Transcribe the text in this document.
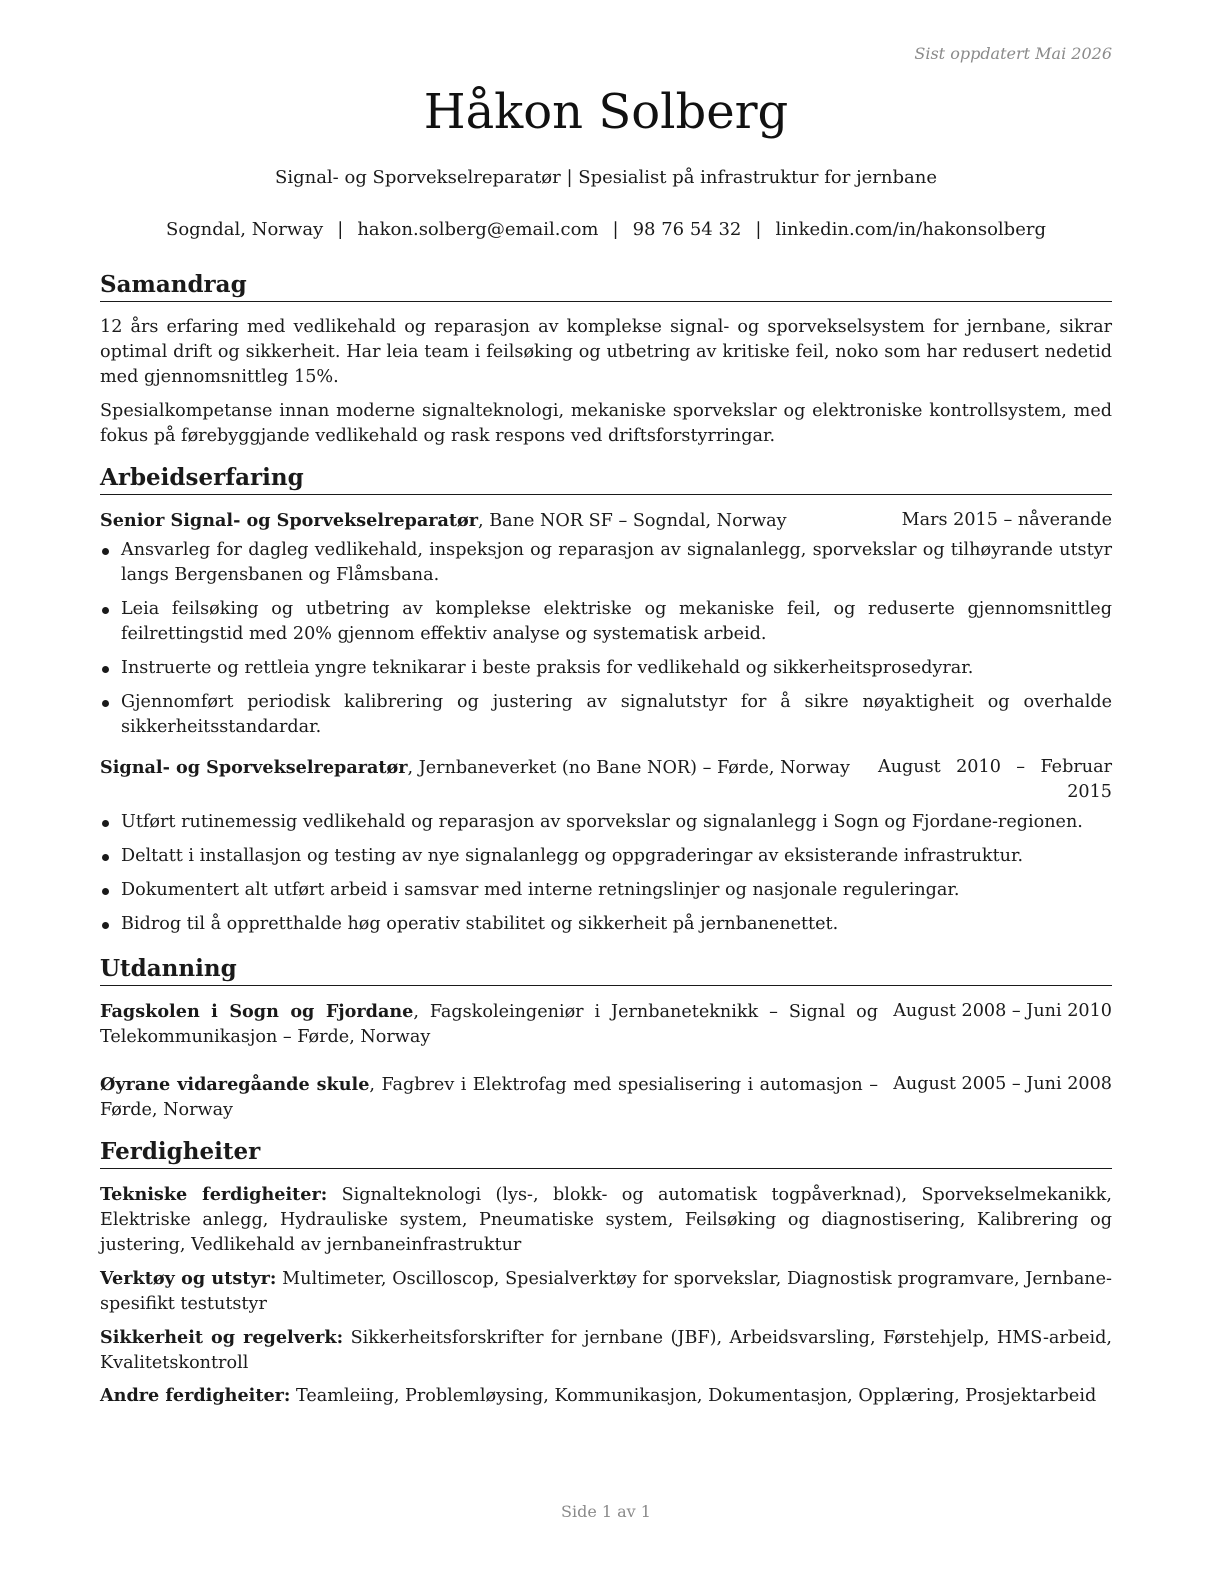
Sist oppdatert Mai 2026
Håkon Solberg
Signal- og Sporvekselreparatør | Spesialist på infrastruktur for jernbane
Sogndal, Norway | hakon.solberg@email.com | 98 76 54 32 | linkedin.com/in/hakonsolberg
Samandrag

12 års erfaring med vedlikehald og reparasjon av komplekse signal- og sporvekselsystem for jernbane, sikrar optimal drift og sikkerheit. Har leia team i feilsøking og utbetring av kritiske feil, noko som har redusert nedetid med gjennomsnittleg 15%.

Spesialkompetanse innan moderne signalteknologi, mekaniske sporvekslar og elektroniske kontrollsystem, med fokus på førebyggjande vedlikehald og rask respons ved driftsforstyrringar.

Arbeidserfaring
Senior Signal- og Sporvekselreparatør, Bane NOR SF – Sogndal, Norway	Mars 2015 – nåverande
Ansvarleg for dagleg vedlikehald, inspeksjon og reparasjon av signalanlegg, sporvekslar og tilhøyrande utstyr langs Bergensbanen og Flåmsbana.
Leia feilsøking og utbetring av komplekse elektriske og mekaniske feil, og reduserte gjennomsnittleg feilrettingstid med 20% gjennom effektiv analyse og systematisk arbeid.
Instruerte og rettleia yngre teknikarar i beste praksis for vedlikehald og sikkerheitsprosedyrar.
Gjennomført periodisk kalibrering og justering av signalutstyr for å sikre nøyaktigheit og overhalde sikkerheitsstandardar.
Signal- og Sporvekselreparatør, Jernbaneverket (no Bane NOR) – Førde, Norway August 2010 – Februar 2015
Utført rutinemessig vedlikehald og reparasjon av sporvekslar og signalanlegg i Sogn og Fjordane-regionen.
Deltatt i installasjon og testing av nye signalanlegg og oppgraderingar av eksisterande infrastruktur.
Dokumentert alt utført arbeid i samsvar med interne retningslinjer og nasjonale reguleringar.
Bidrog til å oppretthalde høg operativ stabilitet og sikkerheit på jernbanenettet.
Utdanning
Fagskolen i Sogn og Fjordane, Fagskoleingeniør i Jernbaneteknikk – Signal og Telekommunikasjon – Førde, Norway
August 2008 – Juni 2010
Øyrane vidaregåande skule, Fagbrev i Elektrofag med spesialisering i automasjon – Førde, Norway
August 2005 – Juni 2008
Ferdigheiter

Tekniske ferdigheiter: Signalteknologi (lys-, blokk- og automatisk togpåverknad), Sporvekselmekanikk, Elektriske anlegg, Hydrauliske system, Pneumatiske system, Feilsøking og diagnostisering, Kalibrering og justering, Vedlikehald av jernbaneinfrastruktur

Verktøy og utstyr: Multimeter, Oscilloscop, Spesialverktøy for sporvekslar, Diagnostisk programvare, Jernbane-spesifikt testutstyr

Sikkerheit og regelverk: Sikkerheitsforskrifter for jernbane (JBF), Arbeidsvarsling, Førstehjelp, HMS-arbeid, Kvalitetskontroll

Andre ferdigheiter: Teamleiing, Problemløysing, Kommunikasjon, Dokumentasjon, Opplæring, Prosjektarbeid

Side 1 av 1
